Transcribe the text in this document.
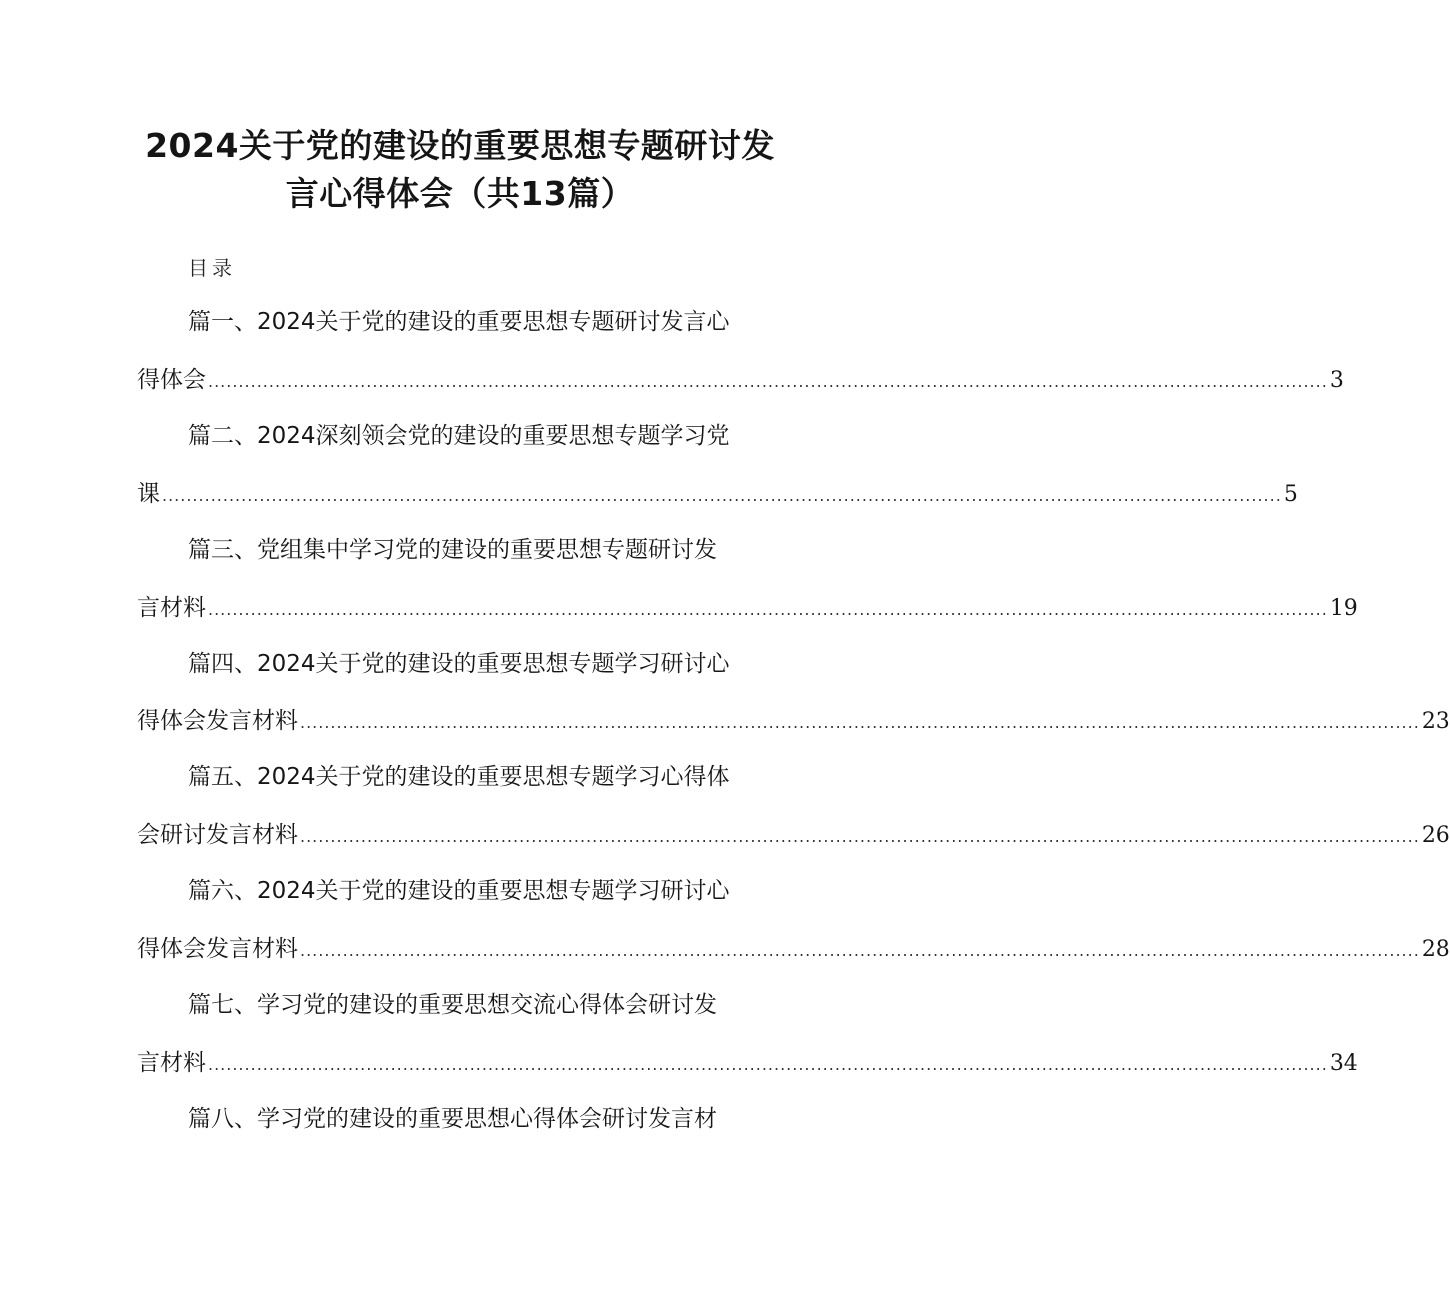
2024关于党的建设的重要思想专题研讨发
言心得体会（共13篇）
目录
篇一、2024关于党的建设的重要思想专题研讨发言心
得体会 ........................................................................................................................................................................................ 3
篇二、2024深刻领会党的建设的重要思想专题学习党
课 ........................................................................................................................................................................................ 5
篇三、党组集中学习党的建设的重要思想专题研讨发
言材料 ........................................................................................................................................................................................ 19
篇四、2024关于党的建设的重要思想专题学习研讨心
得体会发言材料 ........................................................................................................................................................................................ 23
篇五、2024关于党的建设的重要思想专题学习心得体
会研讨发言材料 ........................................................................................................................................................................................ 26
篇六、2024关于党的建设的重要思想专题学习研讨心
得体会发言材料 ........................................................................................................................................................................................ 28
篇七、学习党的建设的重要思想交流心得体会研讨发
言材料 ........................................................................................................................................................................................ 34
篇八、学习党的建设的重要思想心得体会研讨发言材
